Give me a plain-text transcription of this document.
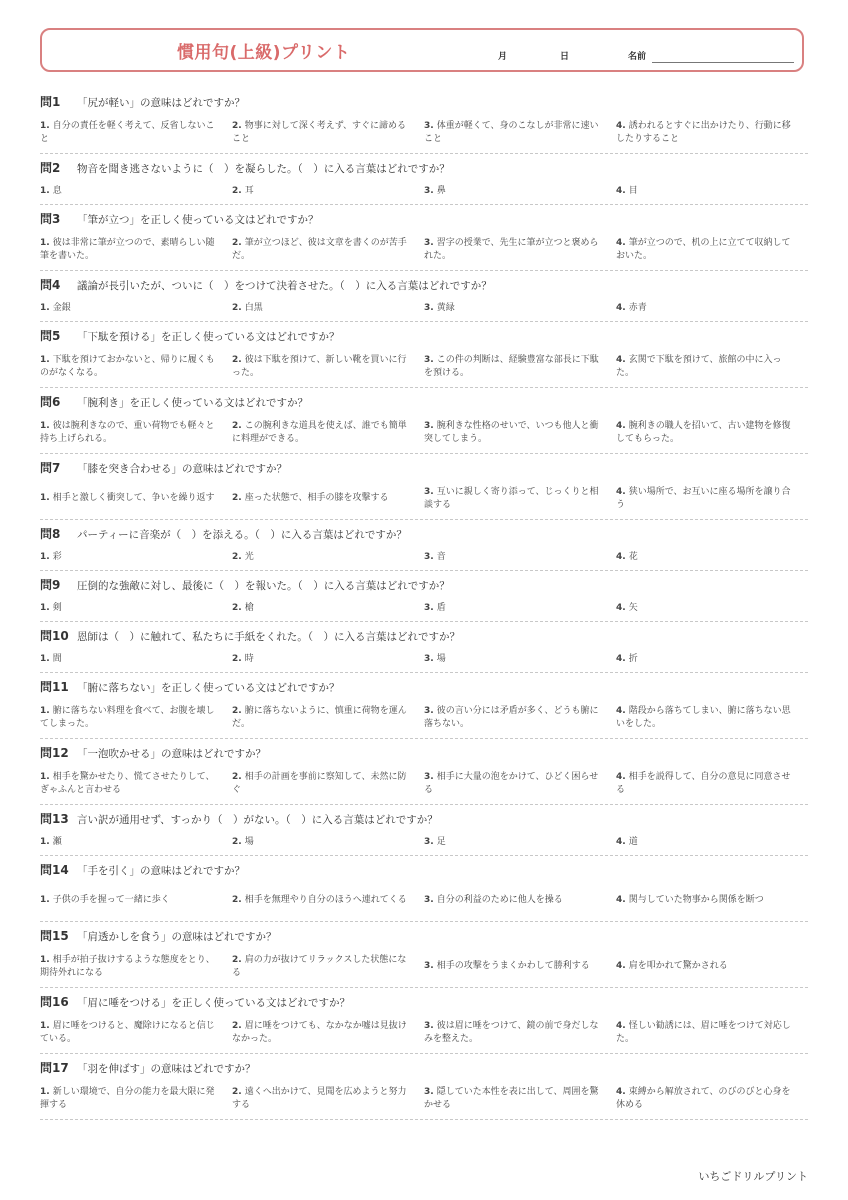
慣用句(上級)プリント	月	日	名前
問1	「尻が軽い」の意味はどれですか？
1. 自分の責任を軽く考えて、反省しないこと
2. 物事に対して深く考えず、すぐに諦めること
3. 体重が軽くて、身のこなしが非常に速いこと
4. 誘われるとすぐに出かけたり、行動に移したりすること
問2	物音を聞き逃さないように（　）を凝らした。（　）に入る言葉はどれですか？
1. 息	2. 耳	3. 鼻	4. 目
問3	「筆が立つ」を正しく使っている文はどれですか？
1. 彼は非常に筆が立つので、素晴らしい随筆を書いた。
2. 筆が立つほど、彼は文章を書くのが苦手だ。
3. 習字の授業で、先生に筆が立つと褒められた。
4. 筆が立つので、机の上に立てて収納しておいた。
問4	議論が長引いたが、ついに（　）をつけて決着させた。（　）に入る言葉はどれですか？
1. 金銀	2. 白黒	3. 黄緑	4. 赤青
問5	「下駄を預ける」を正しく使っている文はどれですか？
1. 下駄を預けておかないと、帰りに履くものがなくなる。
2. 彼は下駄を預けて、新しい靴を買いに行った。
3. この件の判断は、経験豊富な部長に下駄を預ける。
4. 玄関で下駄を預けて、旅館の中に入った。
問6	「腕利き」を正しく使っている文はどれですか？
1. 彼は腕利きなので、重い荷物でも軽々と持ち上げられる。
2. この腕利きな道具を使えば、誰でも簡単に料理ができる。
3. 腕利きな性格のせいで、いつも他人と衝突してしまう。
4. 腕利きの職人を招いて、古い建物を修復してもらった。
問7	「膝を突き合わせる」の意味はどれですか？
1. 相手と激しく衝突して、争いを繰り返す	2. 座った状態で、相手の膝を攻撃する
3. 互いに親しく寄り添って、じっくりと相談する
4. 狭い場所で、お互いに座る場所を譲り合う
問8	パーティーに音楽が（　）を添える。（　）に入る言葉はどれですか？
1. 彩	2. 光	3. 音	4. 花
問9	圧倒的な強敵に対し、最後に（　）を報いた。（　）に入る言葉はどれですか？
1. 剣	2. 槍	3. 盾	4. 矢
問10 恩師は（　）に触れて、私たちに手紙をくれた。（　）に入る言葉はどれですか？
1. 間	2. 時	3. 場	4. 折
問11 「腑に落ちない」を正しく使っている文はどれですか？
1. 腑に落ちない料理を食べて、お腹を壊してしまった。
2. 腑に落ちないように、慎重に荷物を運んだ。
3. 彼の言い分には矛盾が多く、どうも腑に落ちない。
4. 階段から落ちてしまい、腑に落ちない思いをした。
問12 「一泡吹かせる」の意味はどれですか？
1. 相手を驚かせたり、慌てさせたりして、ぎゃふんと言わせる
2. 相手の計画を事前に察知して、未然に防ぐ
3. 相手に大量の泡をかけて、ひどく困らせる
4. 相手を説得して、自分の意見に同意させる
問13 言い訳が通用せず、すっかり（　）がない。（　）に入る言葉はどれですか？
1. 瀬	2. 場	3. 足	4. 道
問14 「手を引く」の意味はどれですか？
1. 子供の手を握って一緒に歩く	2. 相手を無理やり自分のほうへ連れてくる	3. 自分の利益のために他人を操る	4. 関与していた物事から関係を断つ
問15 「肩透かしを食う」の意味はどれですか？
1. 相手が拍子抜けするような態度をとり、期待外れになる
2. 肩の力が抜けてリラックスした状態になる
3. 相手の攻撃をうまくかわして勝利する	4. 肩を叩かれて驚かされる
問16 「眉に唾をつける」を正しく使っている文はどれですか？
1. 眉に唾をつけると、魔除けになると信じている。
2. 眉に唾をつけても、なかなか嘘は見抜けなかった。
3. 彼は眉に唾をつけて、鏡の前で身だしなみを整えた。
4. 怪しい勧誘には、眉に唾をつけて対応した。
問17 「羽を伸ばす」の意味はどれですか？
1. 新しい環境で、自分の能力を最大限に発揮する
2. 遠くへ出かけて、見聞を広めようと努力する
3. 隠していた本性を表に出して、周囲を驚かせる
4. 束縛から解放されて、のびのびと心身を休める
いちごドリルプリント
